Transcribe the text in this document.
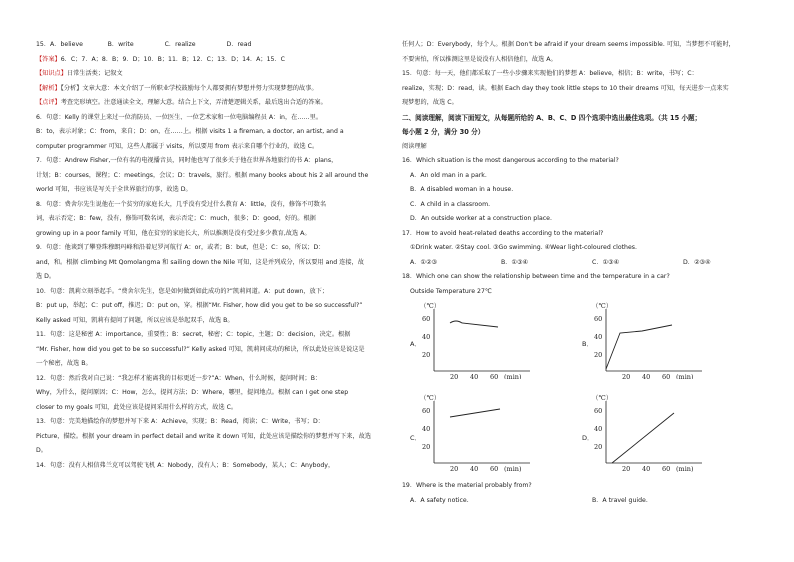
15．A．believe　　　　B．write　　　　　C．realize　　　　　D．read

【答案】6．C；7．A；8．B；9．D；10．B；11．B；12．C；13．D；14．A；15．C

【知识点】日常生活类；记叙文

【解析】【分析】文章大意：本文介绍了一所职业学校鼓励每个人都要拥有梦想并努力实现梦想的故事。

【点评】考查完形填空。注意通读全文，理解大意。结合上下文，弄清楚逻辑关系，最后选出合适的答案。

6．句意：Kelly 的课堂上来过一位消防员、一位医生、一位艺术家和一位电脑编程员 A：in，在……里。

B：to，表示对象；C：from，来自；D：on，在……上。根据 visits 1 a fireman, a doctor, an artist, and a

computer programmer 可知，这些人都属于 visits，所以要用 from 表示来自哪个行业的，故选 C。

7．句意：Andrew Fisher,一位有名的电视播音员，同时他也写了很多关于他在世界各地旅行的书 A：plans，

计划；B：courses，课程；C：meetings，会议；D：travels，旅行。根据 many books about his 2 all around the

world 可知，书应该是写关于全世界旅行的事，故选 D。

8．句意：费舍尔先生说他在一个贫穷的家庭长大，几乎没有受过什么教育 A：little，没有，修饰不可数名

词，表示否定；B：few，没有，修饰可数名词，表示否定；C：much，很多；D：good，好的。根据

growing up in a poor family 可知，他在贫穷的家庭长大，所以推测是没有受过多少教育,故选 A。

9．句意：他谈到了攀登珠穆朗玛峰和沿着尼罗河航行 A：or，或者；B：but，但是；C：so，所以；D：

and，和。根据 climbing Mt Qomolangma 和 sailing down the Nile 可知，这是并列成分，所以要用 and 连接，故

选 D。

10．句意：凯莉立刻举起手。“费舍尔先生，您是如何做到如此成功的?”凯莉问道。A：put down，放下；

B：put up，举起；C：put off，推迟；D：put on，穿。根据“Mr. Fisher, how did you get to be so successful?”

Kelly asked 可知，凯莉有提问了问题，所以应该是举起双手，故选 B。

11．句意：这是秘密 A：importance，重要性；B：secret，秘密；C：topic，主题；D：decision，决定。根据

“Mr. Fisher, how did you get to be so successful?” Kelly asked 可知，凯莉问成功的秘诀，所以此处应该是说这是

一个秘密，故选 B。

12．句意：然后我对自己说：“我怎样才能离我的目标更近一步?”A：When，什么时候，提问时间；B：

Why，为什么，提问原因；C：How，怎么，提问方法；D：Where，哪里，提问地点。根据 can I get one step

closer to my goals 可知，此处应该是提问采用什么样的方式，故选 C。

13．句意：完美地描绘你的梦想并写下来 A：Achieve，实现；B：Read，阅读；C：Write，书写；D：

Picture，描绘。根据 your dream in perfect detail and write it down 可知，此处应该是描绘你的梦想并写下来，故选

D。

14．句意：没有人相信弗兰克可以驾驶飞机 A：Nobody，没有人；B：Somebody，某人；C：Anybody，

任何人；D：Everybody，每个人。根据 Don't be afraid if your dream seems impossible. 可知，当梦想不可能时，

不要害怕，所以推测这里是说没有人相信他们，故选 A。

15．句意：每一天，他们都采取了一些小步骤来实现他们的梦想 A：believe，相信；B：write，书写；C：

realize，实现；D：read，读。根据 Each day they took little steps to 10 their dreams 可知，每天进步一点来实

现梦想的，故选 C。

二、阅读理解，阅读下面短文，从每题所给的 A、B、C、D 四个选项中选出最佳选项。（共 15 小题；

每小题 2 分，满分 30 分）

阅读理解

16．Which situation is the most dangerous according to the material?

A．An old man in a park.

B．A disabled woman in a house.

C．A child in a classroom.

D．An outside worker at a construction place.

17．How to avoid heat-related deaths according to the material?

①Drink water. ②Stay cool. ③Go swimming. ④Wear light-coloured clothes.

A．①②③	B．①③④	C．①③④	D．②③④

18．Which one can show the relationship between time and the temperature in a car?

Outside Temperature 27℃

A．
（℃）
60
40
20
20 40 60 (min)
B．
（℃）
60
40
20
20 40 60 (min)
C．
（℃）
60
40
20
20 40 60 (min)
D．
（℃）
60
40
20
20 40 60 (min)

19．Where is the material probably from?

A．A safety notice.	B．A travel guide.
